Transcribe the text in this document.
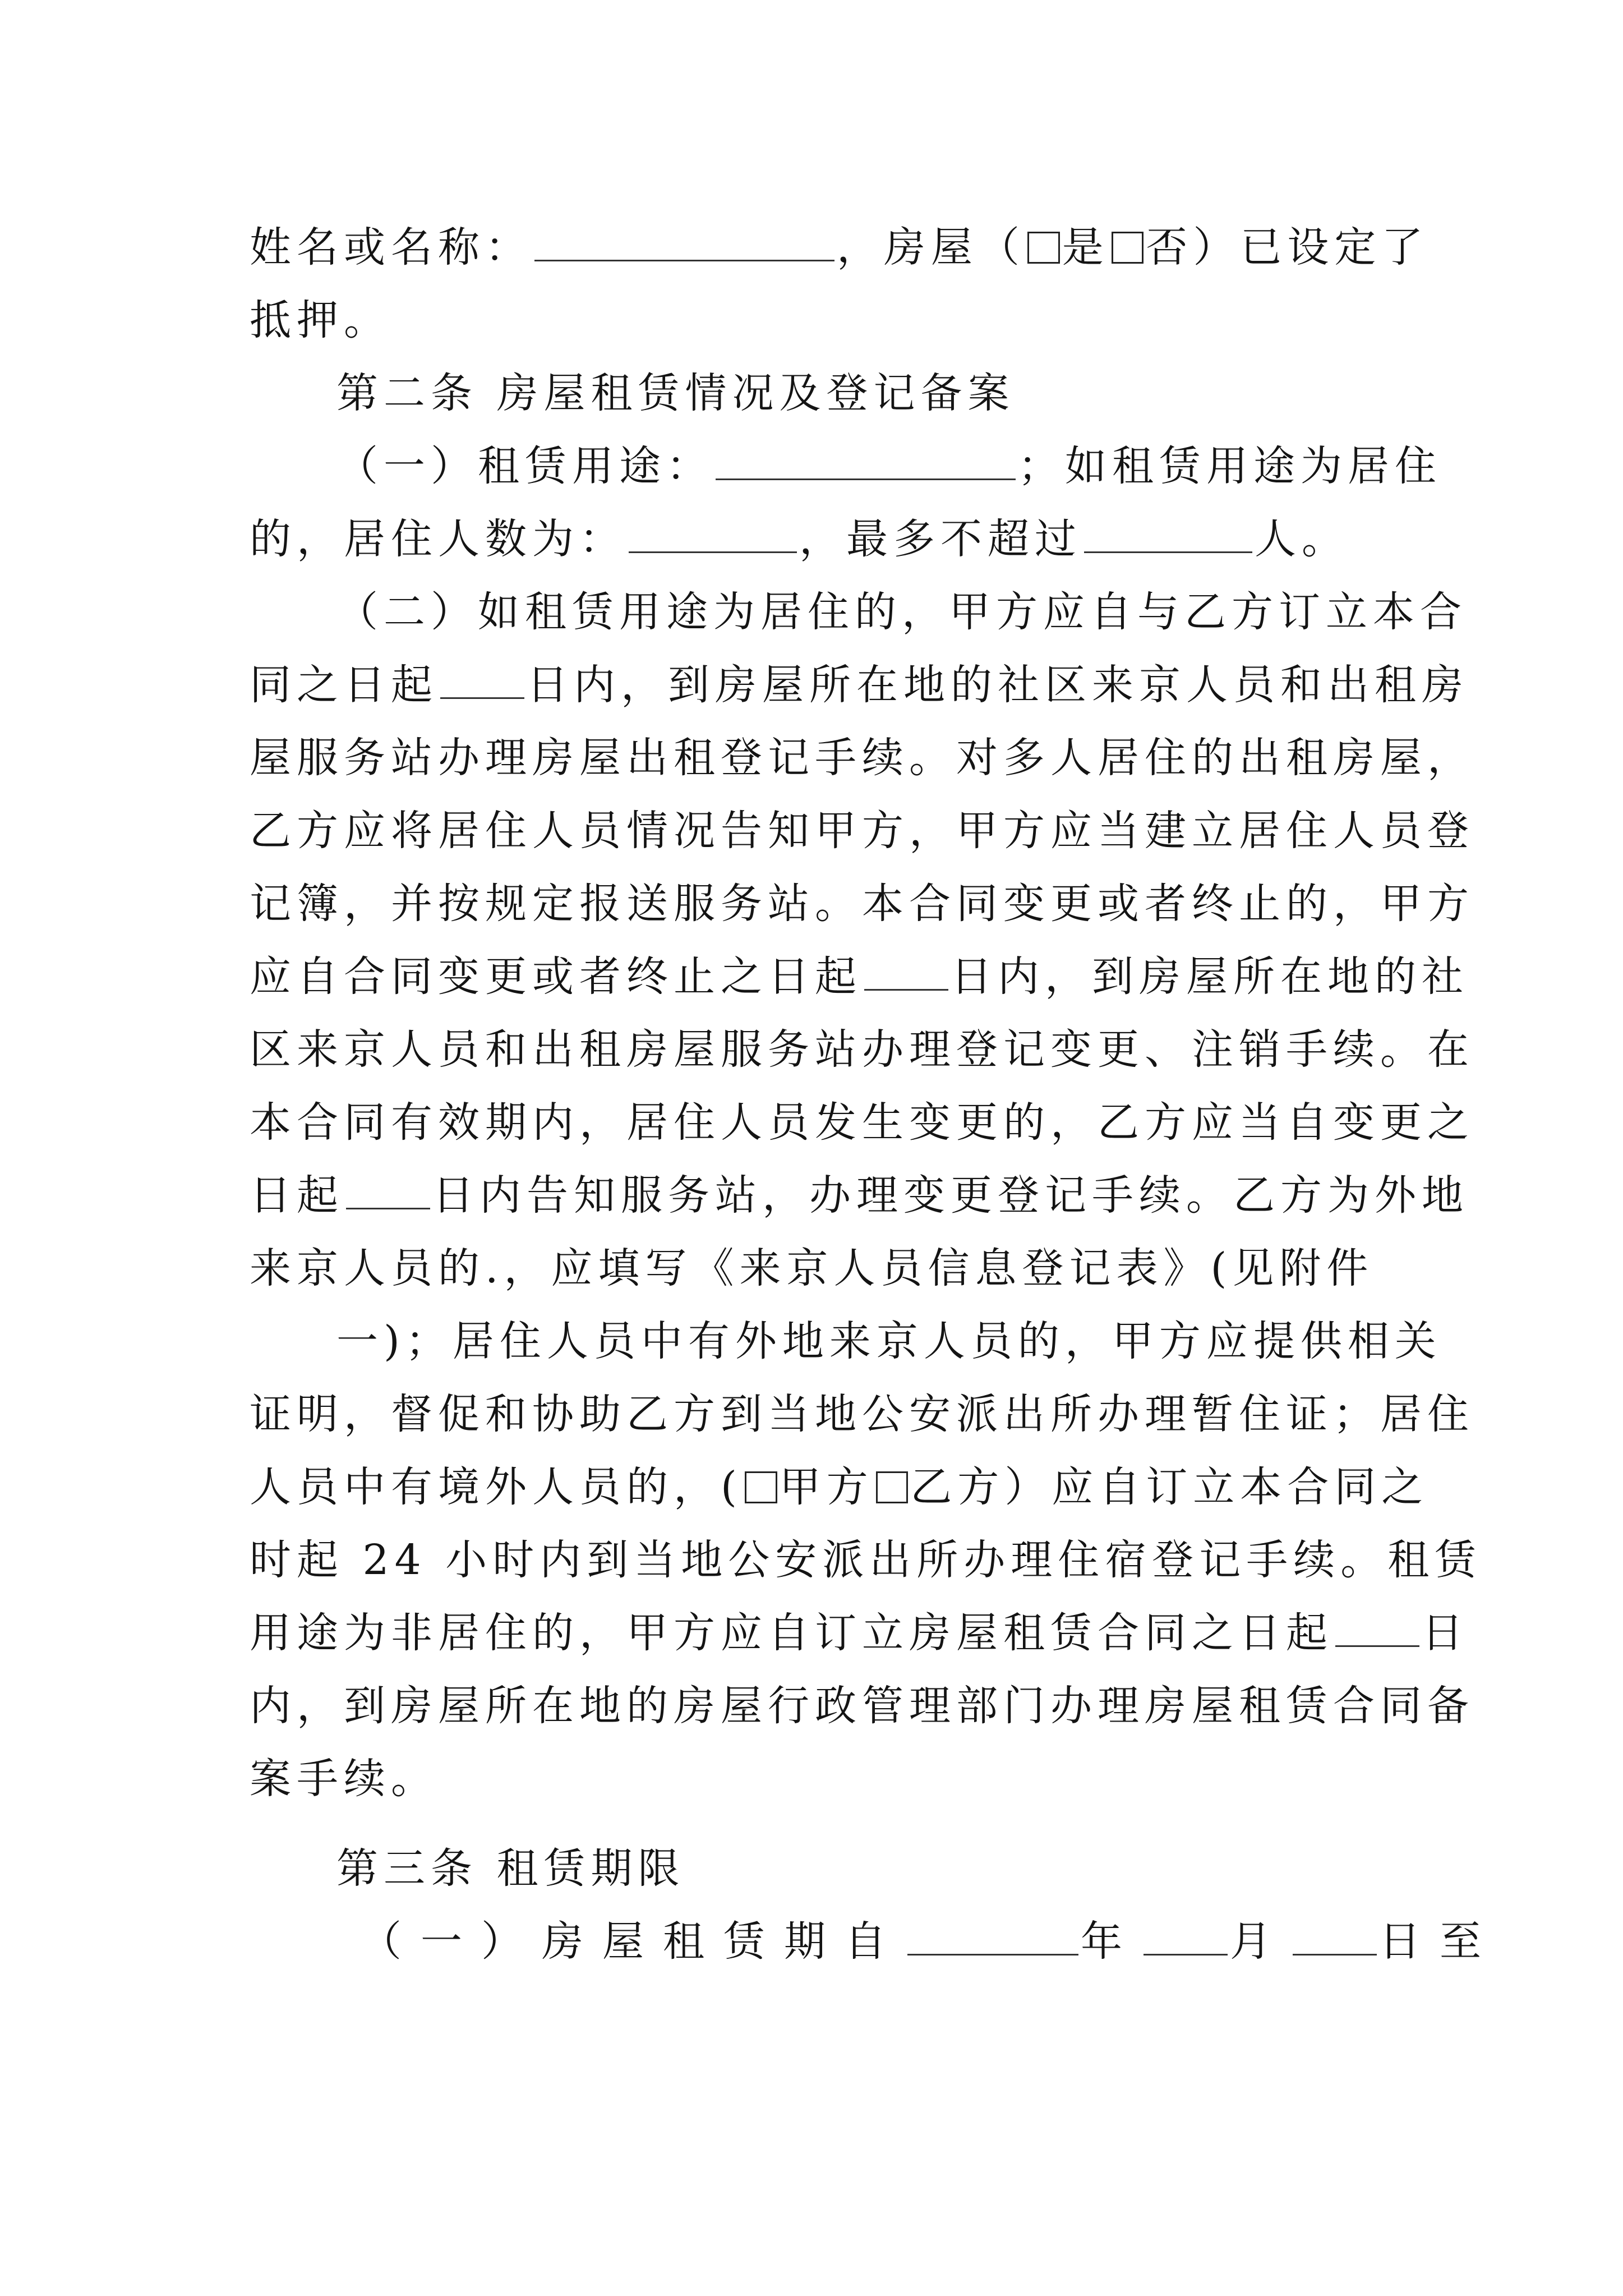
姓名或名称：	，房屋（ 是 否）已设定了
抵押。
第二条 房屋租赁情况及登记备案
（一）租赁用途：	；如租赁用途为居住
的，居住人数为：	，最多不超过	人。
（二）如租赁用途为居住的，甲方应自与乙方订立本合
同之日起 日内，到房屋所在地的社区来京人员和出租房
屋服务站办理房屋出租登记手续。对多人居住的出租房屋，
乙方应将居住人员情况告知甲方，甲方应当建立居住人员登
记簿，并按规定报送服务站。本合同变更或者终止的，甲方
应自合同变更或者终止之日起 日内，到房屋所在地的社
区来京人员和出租房屋服务站办理登记变更、注销手续。在
本合同有效期内，居住人员发生变更的，乙方应当自变更之
日起 日内告知服务站，办理变更登记手续。乙方为外地
来京人员的.，应填写《来京人员信息登记表》(见附件
一)；居住人员中有外地来京人员的，甲方应提供相关
证明，督促和协助乙方到当地公安派出所办理暂住证；居住
人员中有境外人员的，( 甲方 乙方）应自订立本合同之
时起 24 小时内到当地公安派出所办理住宿登记手续。租赁
用途为非居住的，甲方应自订立房屋租赁合同之日起 日
内，到房屋所在地的房屋行政管理部门办理房屋租赁合同备
案手续。
第三条 租赁期限
（一）房屋租赁期自	年 月 日至
